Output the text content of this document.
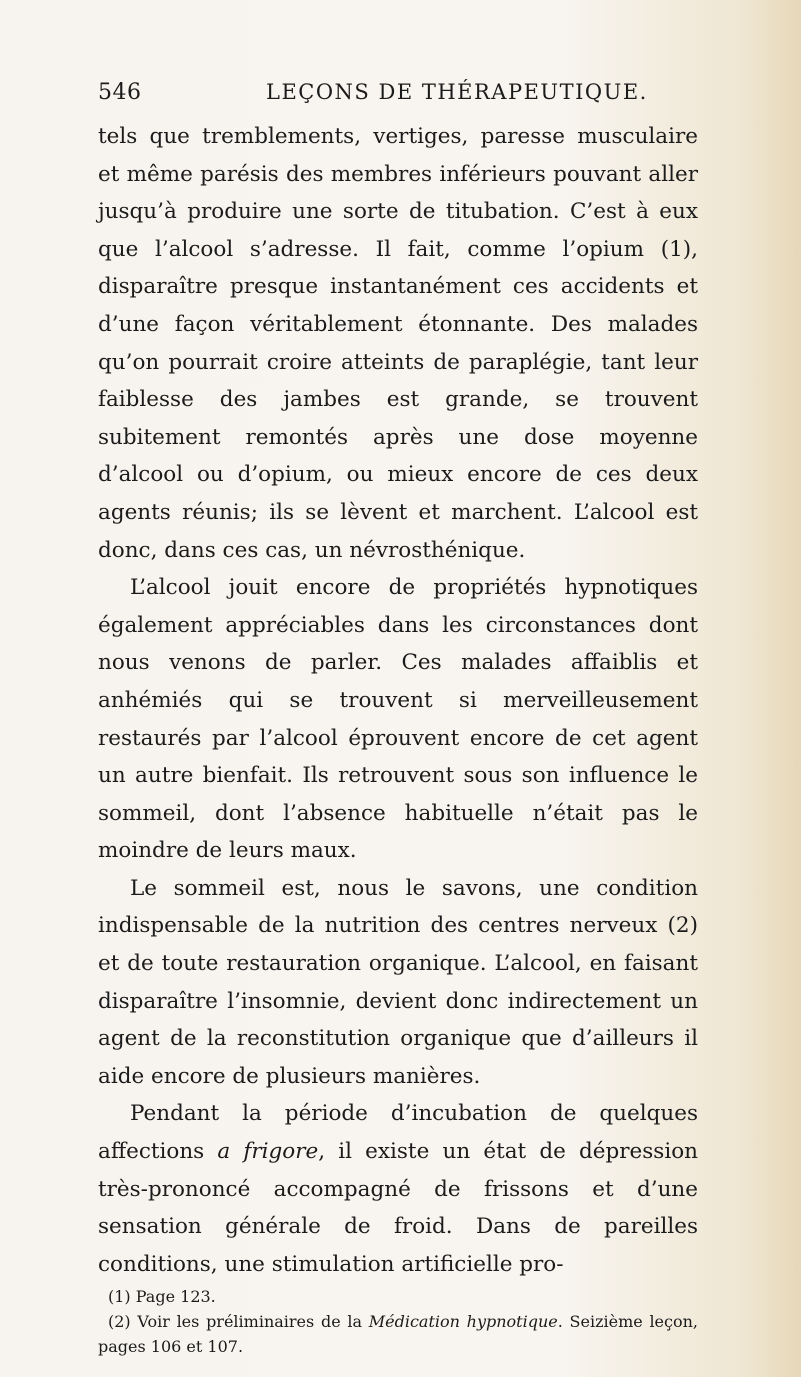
546	LEÇONS DE THÉRAPEUTIQUE.

tels que tremblements, vertiges, paresse musculaire et même parésis des membres inférieurs pouvant aller jusqu’à produire une sorte de titubation. C’est à eux que l’alcool s’adresse. Il fait, comme l’opium (1), disparaître presque instantanément ces accidents et d’une façon véritablement étonnante. Des malades qu’on pourrait croire atteints de paraplégie, tant leur faiblesse des jambes est grande, se trouvent subitement remontés après une dose moyenne d’alcool ou d’opium, ou mieux encore de ces deux agents réunis; ils se lèvent et marchent. L’alcool est donc, dans ces cas, un névrosthénique.

L’alcool jouit encore de propriétés hypnotiques également appréciables dans les circonstances dont nous venons de parler. Ces malades affaiblis et anhémiés qui se trouvent si merveilleusement restaurés par l’alcool éprouvent encore de cet agent un autre bienfait. Ils retrouvent sous son influence le sommeil, dont l’absence habituelle n’était pas le moindre de leurs maux.

Le sommeil est, nous le savons, une condition indispensable de la nutrition des centres nerveux (2) et de toute restauration organique. L’alcool, en faisant disparaître l’insomnie, devient donc indirectement un agent de la reconstitution organique que d’ailleurs il aide encore de plusieurs manières.

Pendant la période d’incubation de quelques affections a frigore, il existe un état de dépression très-prononcé accompagné de frissons et d’une sensation générale de froid. Dans de pareilles conditions, une stimulation artificielle pro-

(1) Page 123.

(2) Voir les préliminaires de la Médication hypnotique. Seizième leçon, pages 106 et 107.
